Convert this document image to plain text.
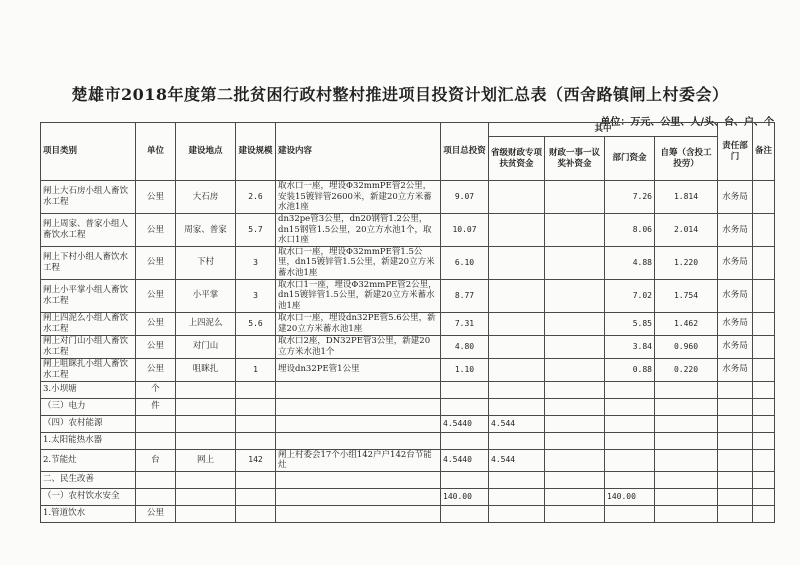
楚雄市2018年度第二批贫困行政村整村推进项目投资计划汇总表（西舍路镇闸上村委会）
单位：万元、公里、人/头、台、户、个
项目类别	单位	建设地点	建设规模	建设内容	项目总投资	其中				责任部门	备注
						省级财政专项扶贫资金	财政一事一议奖补资金	部门资金	自筹（含投工投劳）		
闸上大石房小组人畜饮水工程	公里	大石房	2.6	取水口一座，埋设Φ32mmPE管2公里，安装15镀锌管2600米，新建20立方米蓄水池1座	9.07			7.26	1.814	水务局	
闸上周家、普家小组人畜饮水工程	公里	周家、普家	5.7	dn32pe管3公里，dn20钢管1.2公里，dn15钢管1.5公里，20立方水池1个，取水口1座	10.07			8.06	2.014	水务局	
闸上下村小组人畜饮水工程	公里	下村	3	取水口一座，埋设Φ32mmPE管1.5公里，dn15镀锌管1.5公里，新建20立方米蓄水池1座	6.10			4.88	1.220	水务局	
闸上小平掌小组人畜饮水工程	公里	小平掌	3	取水口1一座，埋设Φ32mmPE管2公里，dn15镀锌管1.5公里，新建20立方米蓄水池1座	8.77			7.02	1.754	水务局	
闸上四泥么小组人畜饮水工程	公里	上四泥么	5.6	取水口一座，埋设dn32PE管5.6公里，新建20立方米蓄水池1座	7.31			5.85	1.462	水务局	
闸上对门山小组人畜饮水工程	公里	对门山		取水口2座，DN32PE管3公里，新建20立方米水池1个	4.80			3.84	0.960	水务局	
闸上咀眯扎小组人畜饮水工程	公里	咀眯扎	1	埋设dn32PE管1公里	1.10			0.88	0.220	水务局	
3.小坝塘	个										
（三）电力	件										
（四）农村能源					4.5440	4.544					
1.太阳能热水器											
2.节能灶	台	网上	142	闸上村委会17个小组142户户142台节能灶	4.5440	4.544					
二、民生改善											
（一）农村饮水安全					140.00			140.00			
1.管道饮水	公里										
